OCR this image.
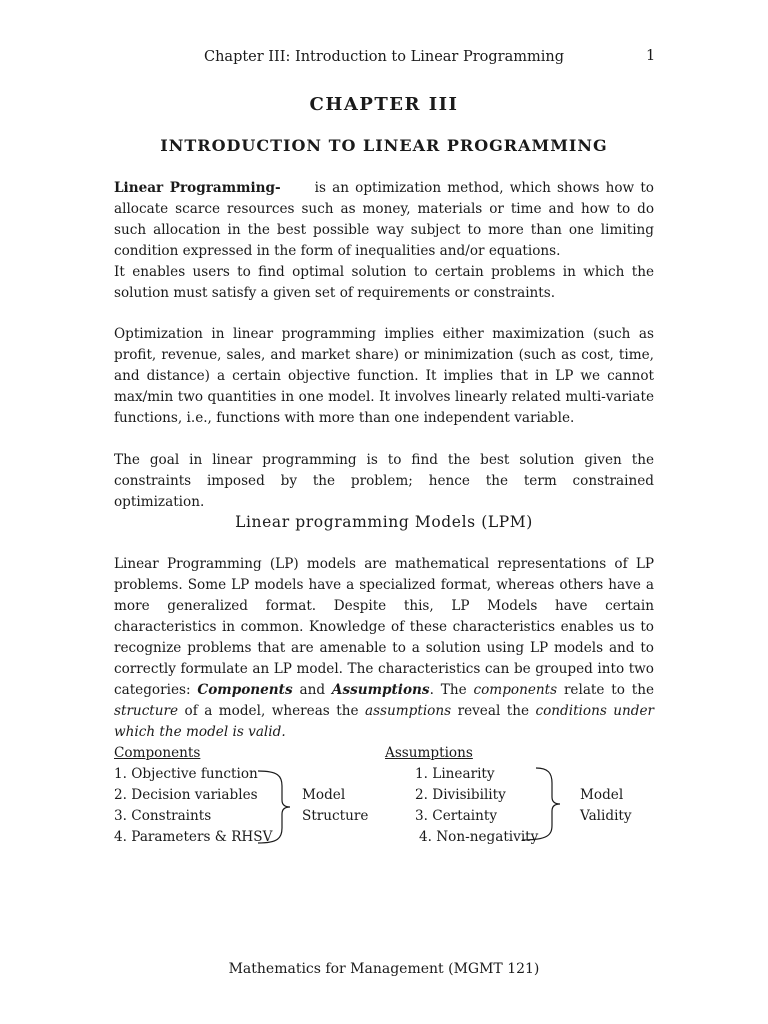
Chapter III: Introduction to Linear Programming	1
CHAPTER III
INTRODUCTION TO LINEAR PROGRAMMING

Linear Programming-	is an optimization method, which shows how to allocate scarce resources such as money, materials or time and how to do such allocation in the best possible way subject to more than one limiting condition expressed in the form of inequalities and/or equations.
It enables users to find optimal solution to certain problems in which the solution must satisfy a given set of requirements or constraints.

Optimization in linear programming implies either maximization (such as profit, revenue, sales, and market share) or minimization (such as cost, time, and distance) a certain objective function. It implies that in LP we cannot max/min two quantities in one model. It involves linearly related multi-variate functions, i.e., functions with more than one independent variable.

The goal in linear programming is to find the best solution given the constraints imposed by the problem; hence the term constrained optimization.

Linear programming Models (LPM)

Linear Programming (LP) models are mathematical representations of LP problems. Some LP models have a specialized format, whereas others have a more generalized format. Despite this, LP Models have certain characteristics in common. Knowledge of these characteristics enables us to recognize problems that are amenable to a solution using LP models and to correctly formulate an LP model. The characteristics can be grouped into two categories: Components and Assumptions. The components relate to the structure of a model, whereas the assumptions reveal the conditions under which the model is valid.

Components
1. Objective function
2. Decision variables
3. Constraints
4. Parameters & RHSV
Model
Structure
Assumptions
1. Linearity
2. Divisibility
3. Certainty
4. Non-negativity
Model
Validity
Mathematics for Management (MGMT 121)
